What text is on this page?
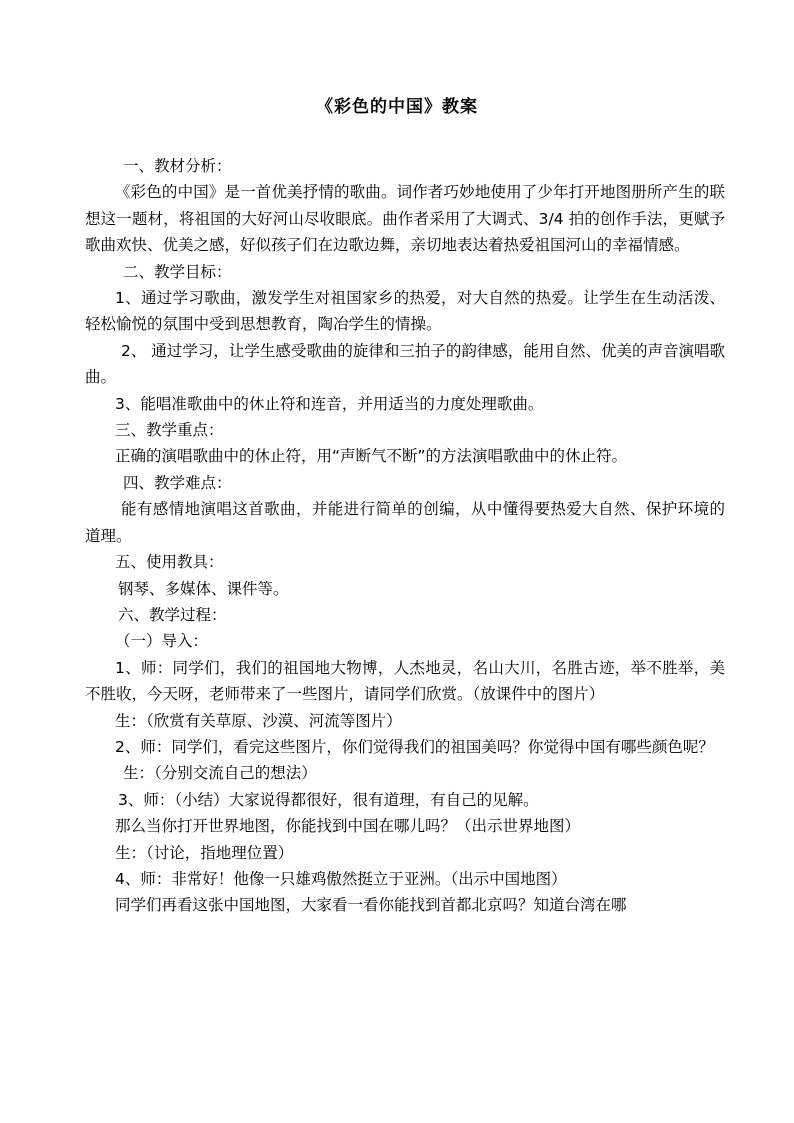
《彩色的中国》教案

一、教材分析：

《彩色的中国》是一首优美抒情的歌曲。词作者巧妙地使用了少年打开地图册所产生的联想这一题材，将祖国的大好河山尽收眼底。曲作者采用了大调式、3/4 拍的创作手法，更赋予歌曲欢快、优美之感，好似孩子们在边歌边舞，亲切地表达着热爱祖国河山的幸福情感。

二、教学目标：

1、通过学习歌曲，激发学生对祖国家乡的热爱，对大自然的热爱。让学生在生动活泼、轻松愉悦的氛围中受到思想教育，陶冶学生的情操。

2、 通过学习，让学生感受歌曲的旋律和三拍子的韵律感，能用自然、优美的声音演唱歌曲。

3、能唱准歌曲中的休止符和连音，并用适当的力度处理歌曲。

三、教学重点：

正确的演唱歌曲中的休止符，用“声断气不断”的方法演唱歌曲中的休止符。

四、教学难点：

能有感情地演唱这首歌曲，并能进行简单的创编，从中懂得要热爱大自然、保护环境的道理。

五、使用教具：

钢琴、多媒体、课件等。

六、教学过程：

（一）导入：

1、师：同学们，我们的祖国地大物博，人杰地灵，名山大川，名胜古迹，举不胜举，美不胜收，今天呀，老师带来了一些图片，请同学们欣赏。（放课件中的图片）

生：（欣赏有关草原、沙漠、河流等图片）

2、师：同学们，看完这些图片，你们觉得我们的祖国美吗？你觉得中国有哪些颜色呢？

生：（分别交流自己的想法）

3、师：（小结）大家说得都很好，很有道理，有自己的见解。

那么当你打开世界地图，你能找到中国在哪儿吗？（出示世界地图）

生：（讨论，指地理位置）

4、师：非常好！他像一只雄鸡傲然挺立于亚洲。（出示中国地图）

同学们再看这张中国地图，大家看一看你能找到首都北京吗？知道台湾在哪
